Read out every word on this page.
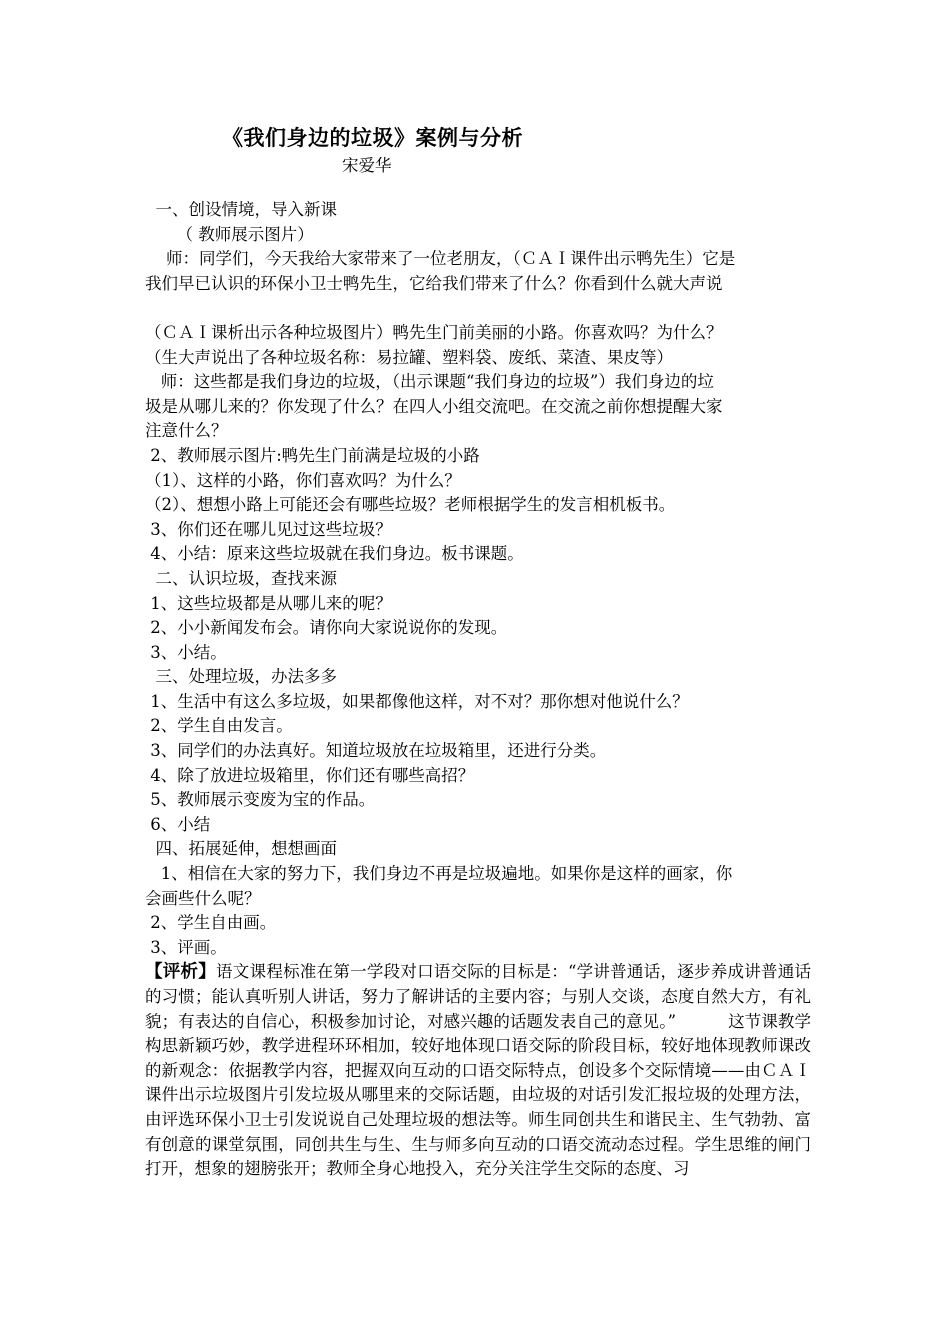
《我们身边的垃圾》案例与分析
宋爱华
一、创设情境，导入新课
（ 教师展示图片）
师：同学们，今天我给大家带来了一位老朋友，（ＣＡＩ课件出示鸭先生）它是
我们早已认识的环保小卫士鸭先生，它给我们带来了什么？你看到什么就大声说
（ＣＡＩ课析出示各种垃圾图片）鸭先生门前美丽的小路。你喜欢吗？为什么？
（生大声说出了各种垃圾名称：易拉罐、塑料袋、废纸、菜渣、果皮等）
师：这些都是我们身边的垃圾，（出示课题“我们身边的垃圾”）我们身边的垃
圾是从哪儿来的？你发现了什么？在四人小组交流吧。在交流之前你想提醒大家
注意什么？
2、教师展示图片:鸭先生门前满是垃圾的小路
（1）、这样的小路，你们喜欢吗？为什么？
（2）、想想小路上可能还会有哪些垃圾？老师根据学生的发言相机板书。
3、你们还在哪儿见过这些垃圾？
4、小结：原来这些垃圾就在我们身边。板书课题。
二、认识垃圾，查找来源
1、这些垃圾都是从哪儿来的呢？
2、小小新闻发布会。请你向大家说说你的发现。
3、小结。
三、处理垃圾，办法多多
1、生活中有这么多垃圾，如果都像他这样，对不对？那你想对他说什么？
2、学生自由发言。
3、同学们的办法真好。知道垃圾放在垃圾箱里，还进行分类。
4、除了放进垃圾箱里，你们还有哪些高招？
5、教师展示变废为宝的作品。
6、小结
四、拓展延伸，想想画面
1、相信在大家的努力下，我们身边不再是垃圾遍地。如果你是这样的画家，你
会画些什么呢？
2、学生自由画。
3、评画。
【评析】语文课程标准在第一学段对口语交际的目标是：“学讲普通话，逐步养成讲普通话的习惯；能认真听别人讲话，努力了解讲话的主要内容；与别人交谈，态度自然大方，有礼貌；有表达的自信心，积极参加讨论，对感兴趣的话题发表自己的意见。”	这节课教学构思新颖巧妙，教学进程环环相加，较好地体现口语交际的阶段目标，较好地体现教师课改的新观念：依据教学内容，把握双向互动的口语交际特点，创设多个交际情境——由ＣＡＩ课件出示垃圾图片引发垃圾从哪里来的交际话题，由垃圾的对话引发汇报垃圾的处理方法，由评选环保小卫士引发说说自己处理垃圾的想法等。师生同创共生和谐民主、生气勃勃、富有创意的课堂氛围，同创共生与生、生与师多向互动的口语交流动态过程。学生思维的闸门打开，想象的翅膀张开；教师全身心地投入，充分关注学生交际的态度、习
